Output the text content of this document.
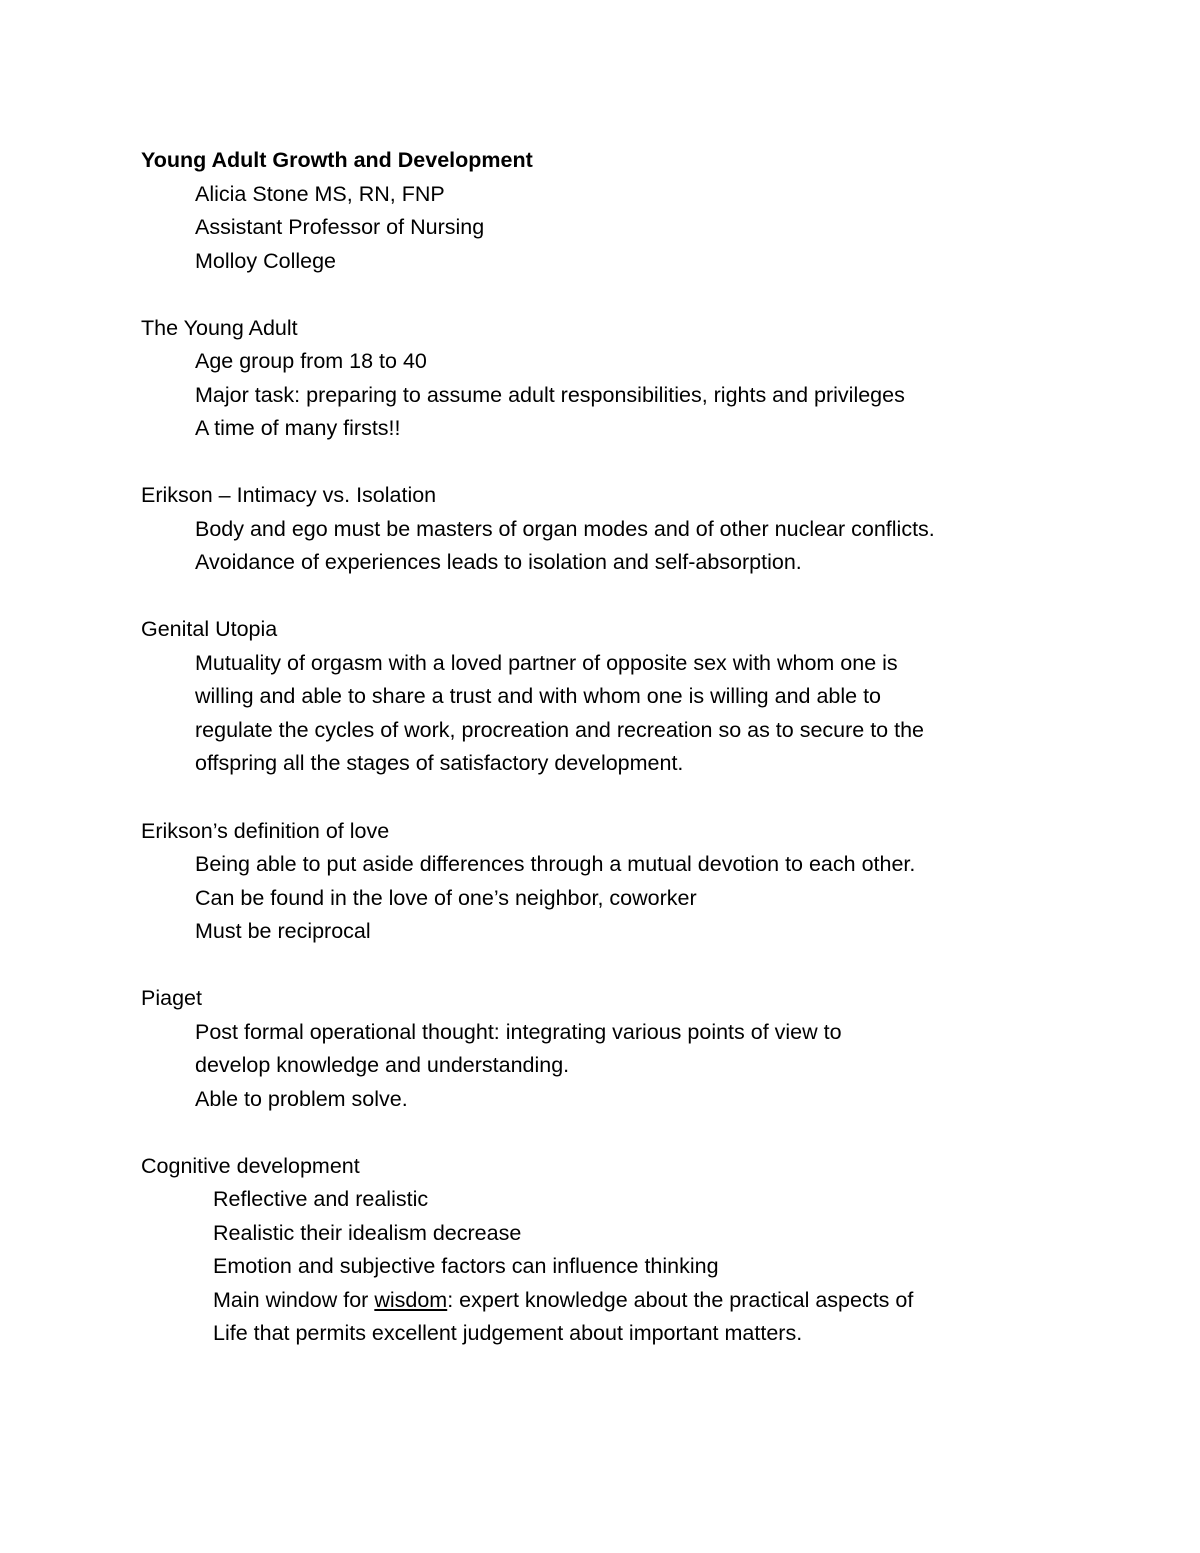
Young Adult Growth and Development
Alicia Stone MS, RN, FNP
Assistant Professor of Nursing
Molloy College
The Young Adult
Age group from 18 to 40
Major task: preparing to assume adult responsibilities, rights and privileges
A time of many firsts!!
Erikson – Intimacy vs. Isolation
Body and ego must be masters of organ modes and of other nuclear conflicts.
Avoidance of experiences leads to isolation and self-absorption.
Genital Utopia
Mutuality of orgasm with a loved partner of opposite sex with whom one is
willing and able to share a trust and with whom one is willing and able to
regulate the cycles of work, procreation and recreation so as to secure to the
offspring all the stages of satisfactory development.
Erikson’s definition of love
Being able to put aside differences through a mutual devotion to each other.
Can be found in the love of one’s neighbor, coworker
Must be reciprocal
Piaget
Post formal operational thought: integrating various points of view to
develop knowledge and understanding.
Able to problem solve.
Cognitive development
Reflective and realistic
Realistic their idealism decrease
Emotion and subjective factors can influence thinking
Main window for wisdom: expert knowledge about the practical aspects of
Life that permits excellent judgement about important matters.
